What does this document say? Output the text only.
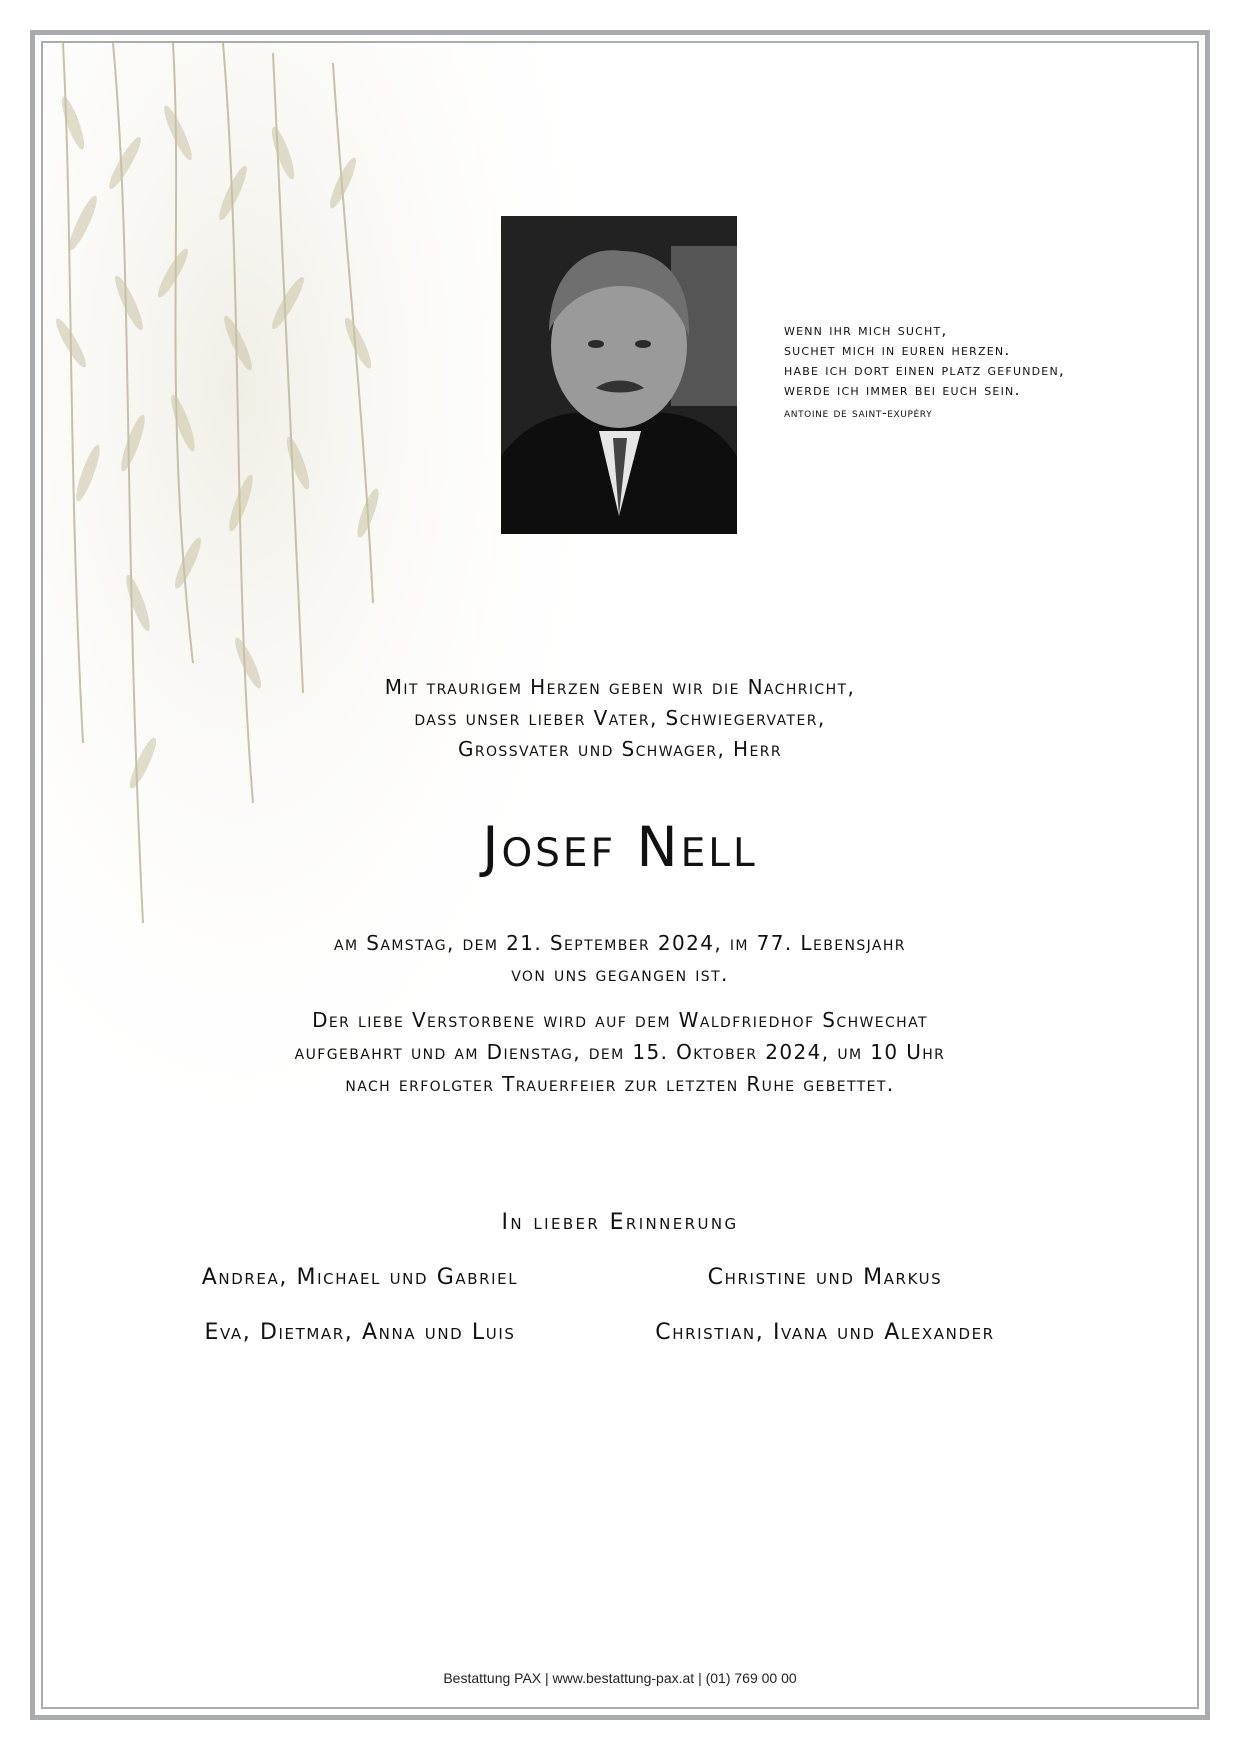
wenn ihr mich sucht,
suchet mich in euren herzen.
habe ich dort einen platz gefunden,
werde ich immer bei euch sein.
antoine de saint-exupéry
Mit traurigem Herzen geben wir die Nachricht,
dass unser lieber Vater, Schwiegervater,
Grossvater und Schwager, Herr
Josef Nell
am Samstag, dem 21. September 2024, im 77. Lebensjahr
von uns gegangen ist.
Der liebe Verstorbene wird auf dem Waldfriedhof Schwechat
aufgebahrt und am Dienstag, dem 15. Oktober 2024, um 10 Uhr
nach erfolgter Trauerfeier zur letzten Ruhe gebettet.
In lieber Erinnerung
Andrea, Michael und Gabriel	Christine und Markus
Eva, Dietmar, Anna und Luis	Christian, Ivana und Alexander
Bestattung PAX | www.bestattung-pax.at | (01) 769 00 00
